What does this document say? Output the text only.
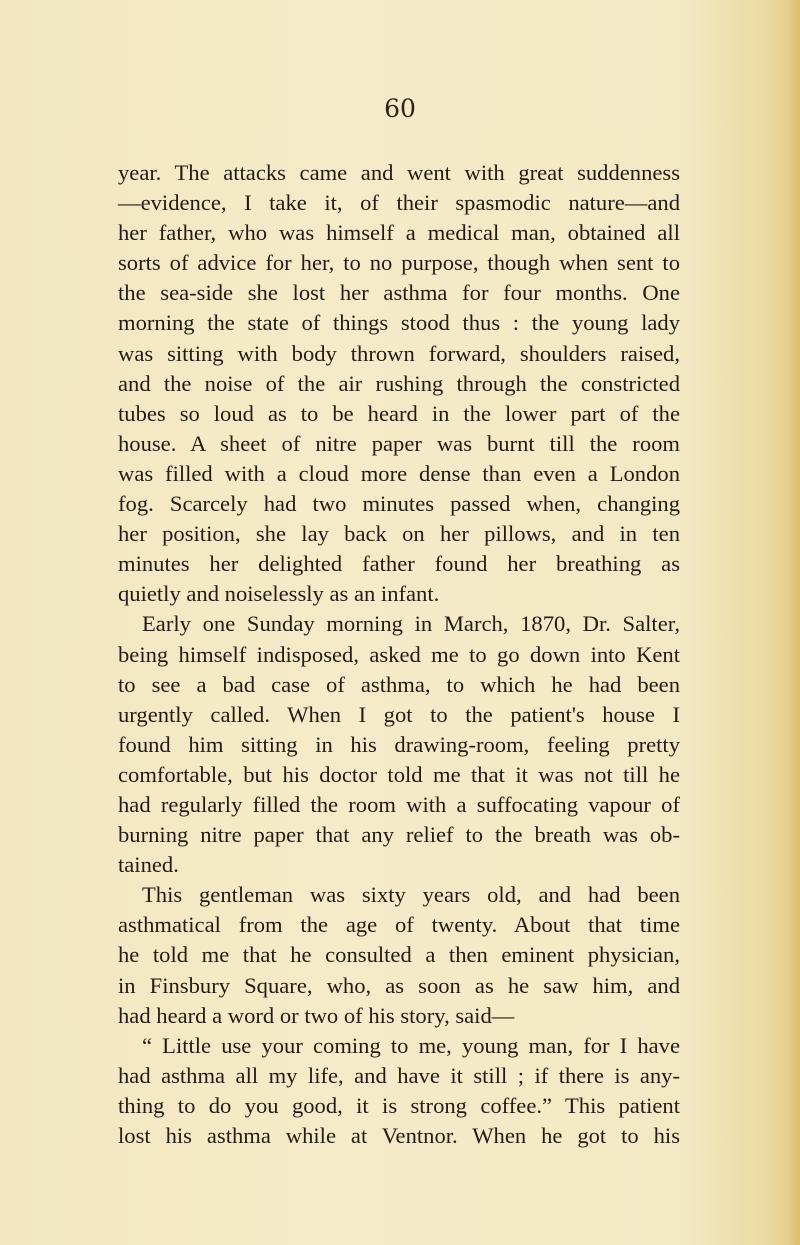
60

year. The attacks came and went with great suddenness
—evidence, I take it, of their spasmodic nature—and
her father, who was himself a medical man, obtained all
sorts of advice for her, to no purpose, though when sent to
the sea-side she lost her asthma for four months. One
morning the state of things stood thus : the young lady
was sitting with body thrown forward, shoulders raised,
and the noise of the air rushing through the constricted
tubes so loud as to be heard in the lower part of the
house. A sheet of nitre paper was burnt till the room
was filled with a cloud more dense than even a London
fog. Scarcely had two minutes passed when, changing
her position, she lay back on her pillows, and in ten
minutes her delighted father found her breathing as
quietly and noiselessly as an infant.
Early one Sunday morning in March, 1870, Dr. Salter,
being himself indisposed, asked me to go down into Kent
to see a bad case of asthma, to which he had been
urgently called. When I got to the patient's house I
found him sitting in his drawing-room, feeling pretty
comfortable, but his doctor told me that it was not till he
had regularly filled the room with a suffocating vapour of
burning nitre paper that any relief to the breath was ob-
tained.
This gentleman was sixty years old, and had been
asthmatical from the age of twenty. About that time
he told me that he consulted a then eminent physician,
in Finsbury Square, who, as soon as he saw him, and
had heard a word or two of his story, said—
“ Little use your coming to me, young man, for I have
had asthma all my life, and have it still ; if there is any-
thing to do you good, it is strong coffee.” This patient
lost his asthma while at Ventnor. When he got to his
